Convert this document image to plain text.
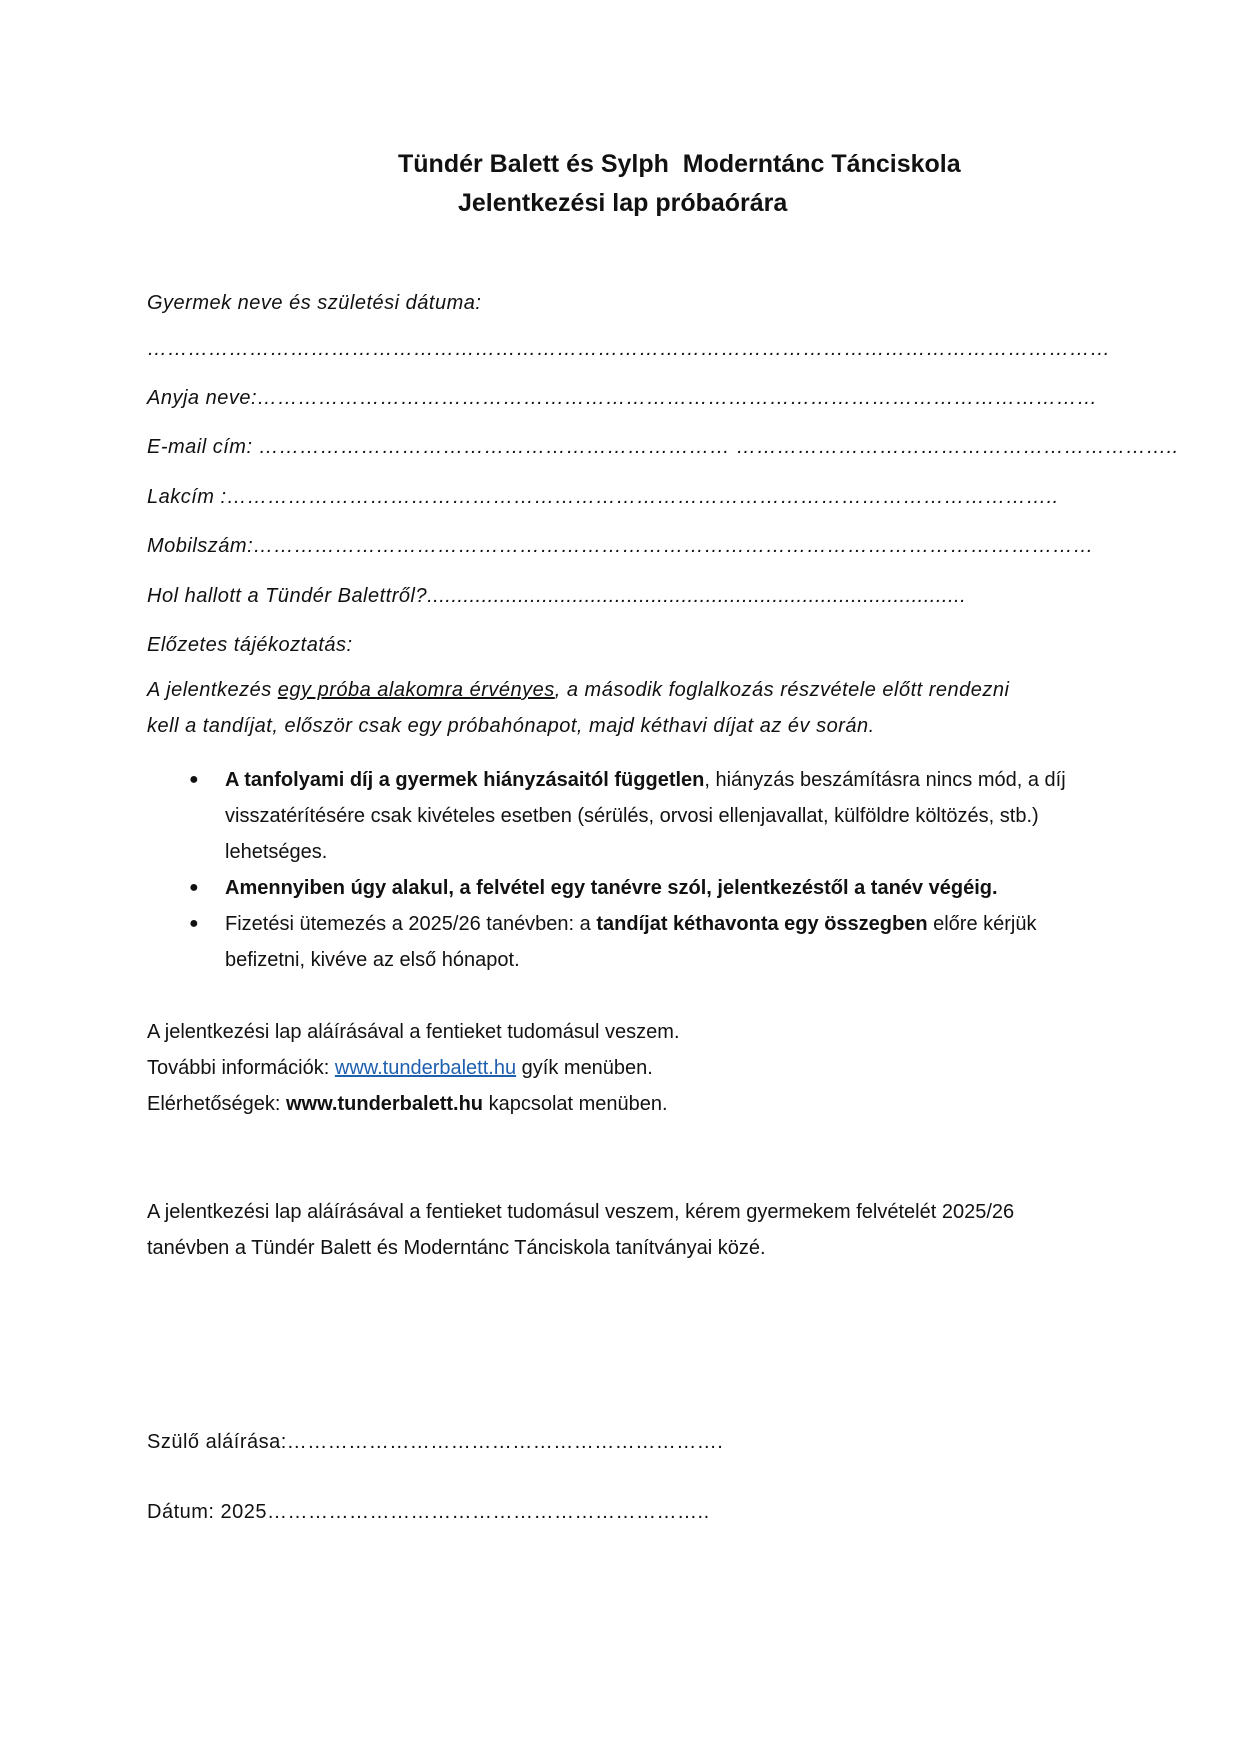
Tündér Balett és Sylph  Moderntánc Tánciskola
Jelentkezési lap próbaórára
Gyermek neve és születési dátuma:
……………………………………………………………………………………………………………………………
Anyja neve:……………………………………………………………………………………………………………
E-mail cím: …………………………………………………………… ………………………………………………………..
Lakcím :…………………………………………………………………………………………………………..
Mobilszám:……………………………………………………………………………………………………………
Hol hallott a Tündér Balettről?.........................................................................................
Előzetes tájékoztatás:
A jelentkezés egy próba alakomra érvényes, a második foglalkozás részvétele előtt rendezni
kell a tandíjat, először csak egy próbahónapot, majd kéthavi díjat az év során.
● A tanfolyami díj a gyermek hiányzásaitól független, hiányzás beszámításra nincs mód, a díj visszatérítésére csak kivételes esetben (sérülés, orvosi ellenjavallat, külföldre költözés, stb.) lehetséges.
● Amennyiben úgy alakul, a felvétel egy tanévre szól, jelentkezéstől a tanév végéig.
● Fizetési ütemezés a 2025/26 tanévben: a tandíjat kéthavonta egy összegben előre kérjük befizetni, kivéve az első hónapot.
A jelentkezési lap aláírásával a fentieket tudomásul veszem.
További információk: www.tunderbalett.hu gyík menüben.
Elérhetőségek: www.tunderbalett.hu kapcsolat menüben.
A jelentkezési lap aláírásával a fentieket tudomásul veszem, kérem gyermekem felvételét 2025/26 tanévben a Tündér Balett és Moderntánc Tánciskola tanítványai közé.
Szülő aláírása:……………………………………………………….
Dátum: 2025………………………………………………………..
